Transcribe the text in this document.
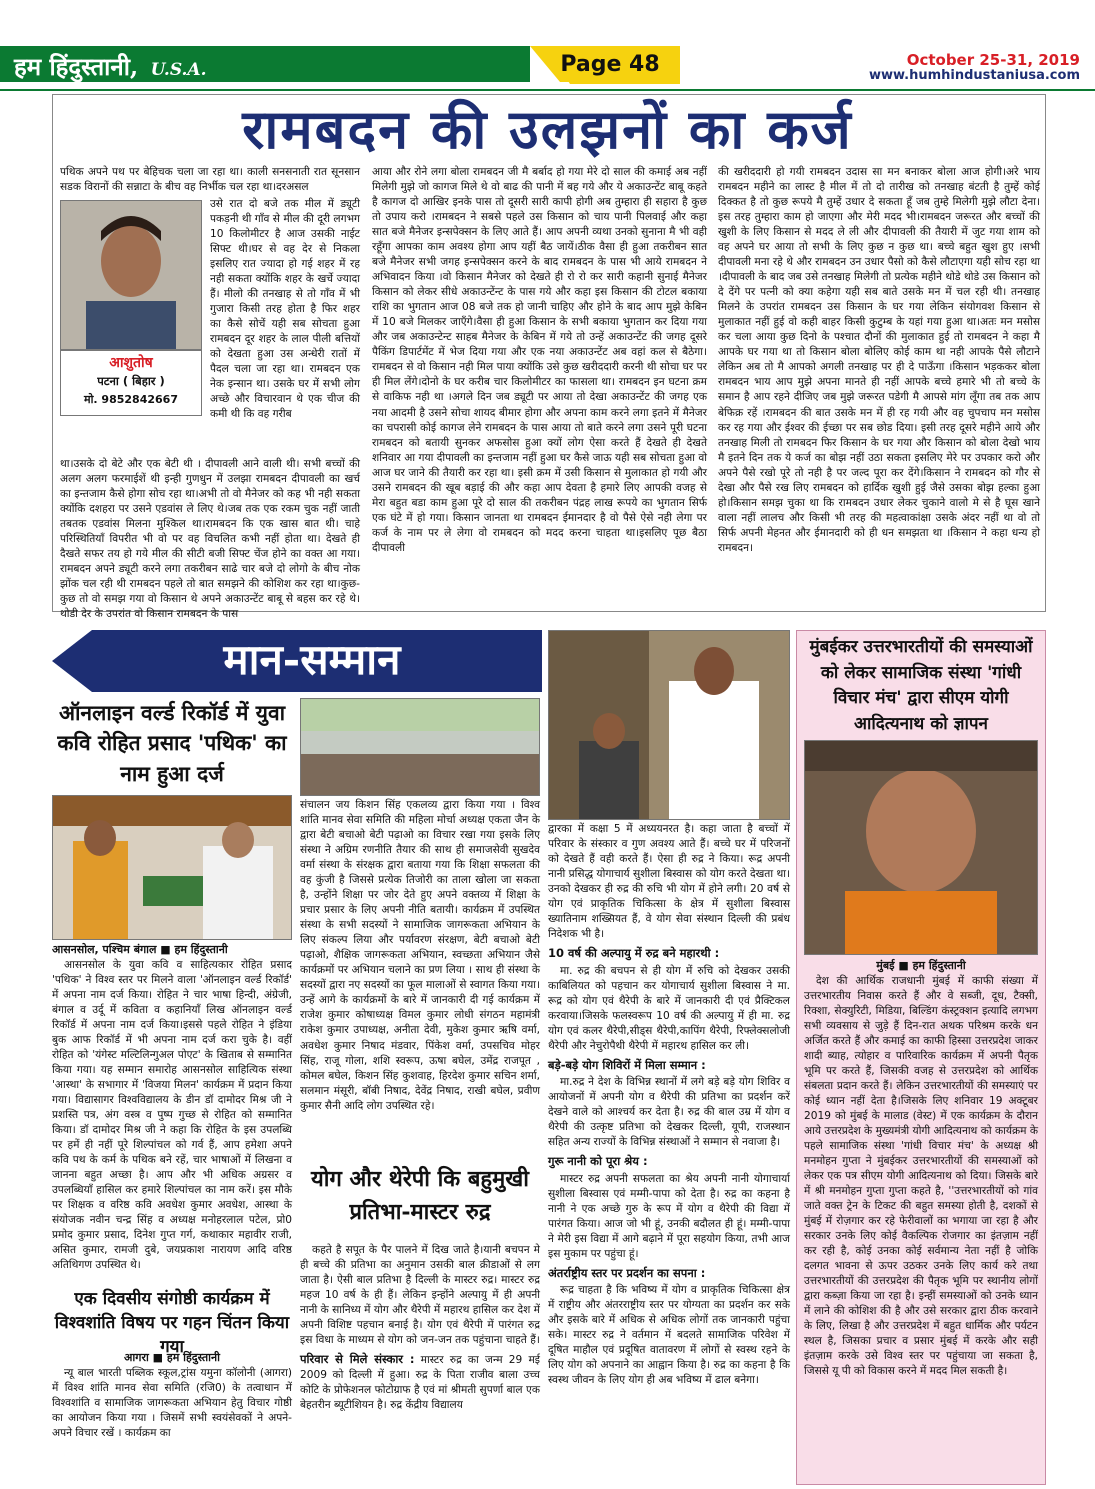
हम हिंदुस्तानी, U.S.A.	Page 48	October 25-31, 2019
www.humhindustaniusa.com
रामबदन की उलझनों का कर्ज
पथिक अपने पथ पर बेहिचक चला जा रहा था। काली सनसनाती रात सूनसान सडक विरानों की सन्नाटा के बीच वह निर्भीक चल रहा था।दरअसल
आशुतोष
पटना ( बिहार )
मो. 9852842667
उसे रात दो बजे तक मील में ड्यूटी पकड़नी थी गाँव से मील की दूरी लगभग 10 किलोमीटर है आज उसकी नाईट सिफ्ट थी।घर से वह देर से निकला इसलिए रात ज्यादा हो गई शहर में रह नही सकता क्योंकि शहर के खर्चे ज्यादा हैं। मीलो की तनखाह से तो गाँव में भी गुजारा किसी तरह होता है फिर शहर का कैसे सोचें यही सब सोचता हुआ रामबदन दूर शहर के लाल पीली बत्तियों को देखता हुआ उस अन्धेरी रातों में पैदल चला जा रहा था। रामबदन एक नेक इन्सान था। उसके घर में सभी लोग अच्छे और विचारवान थे एक चीज की कमी थी कि वह गरीब
था।उसके दो बेटे और एक बेटी थी । दीपावली आने वाली थी। सभी बच्चों की अलग अलग फरमाईशें थी इन्ही गुणधुन में उलझा रामबदन दीपावली का खर्च का इन्तजाम कैसे होगा सोच रहा था।अभी तो वो मैनेजर को कह भी नही सकता क्योंकि दशहरा पर उसने एडवांस ले लिए थे।जब तक एक रकम चुक नहीं जाती तबतक एडवांस मिलना मुश्किल था।रामबदन कि एक खास बात थी। चाहे परिस्थितियाँ विपरीत भी वो पर वह विचलित कभी नहीं होता था। देखते ही दैखते सफर तय हो गये मील की सीटी बजी सिफ्ट चेंज होने का वक्त आ गया। रामबदन अपने ड्यूटी करने लगा तकरीबन साढे चार बजे दो लोगो के बीच नोक झोंक चल रही थी रामबदन पहले तो बात समझने की कोशिश कर रहा था।कुछ-कुछ तो वो समझ गया वो किसान थे अपने अकाउन्टेंट बाबू से बहस कर रहे थे।थोडी देर के उपरांत वो किसान रामबदन के पास
आया और रोने लगा बोला रामबदन जी मै बर्बाद हो गया मेरे दो साल की कमाई अब नहीं मिलेगी मुझे जो कागज मिले थे वो बाढ की पानी में बह गये और ये अकाउन्टेंट बाबू कहते है कागज दो आखिर इनके पास तो दूसरी सारी कापी होगी अब तुम्हारा ही सहारा है कुछ तो उपाय करो ।रामबदन ने सबसे पहले उस किसान को चाय पानी पिलवाई और कहा सात बजे मैनेजर इन्सपेक्सन के लिए आते हैं। आप अपनी व्यथा उनको सुनाना मै भी वही रहूँगा आपका काम अवश्य होगा आप यहीं बैठ जायें।ठीक वैसा ही हुआ तकरीबन सात बजे मैनेजर सभी जगह इन्सपेक्सन करने के बाद रामबदन के पास भी आये रामबदन ने अभिवादन किया ।वो किसान मैनेजर को देखते ही रो रो कर सारी कहानी सुनाई मैनेजर किसान को लेकर सीधे अकाउन्टेंन्ट के पास गये और कहा इस किसान की टोटल बकाया राशि का भुगतान आज 08 बजे तक हो जानी चाहिए और होने के बाद आप मुझे केबिन में 10 बजे मिलकर जाएँगे।वैसा ही हुआ किसान के सभी बकाया भुगतान कर दिया गया और जब अकाउन्टेन्ट साहब मैनेजर के केबिन में गये तो उन्हें अकाउन्टेंट की जगह दूसरे पैकिंग डिपार्टमेंट में भेज दिया गया और एक नया अकाउन्टेंट अब वहां कल से बैठेगा। रामबदन से वो किसान नही मिल पाया क्योंकि उसे कुछ खरीददारी करनी थी सोचा घर पर ही मिल लेंगे।दोनो के घर करीब चार किलोमीटर का फासला था। रामबदन इन घटना क्रम से वाकिफ नही था ।अगले दिन जब ड्यूटी पर आया तो देखा अकाउन्टेंट की जगह एक नया आदमी है उसने सोचा शायद बीमार होगा और अपना काम करने लगा इतने में मैनेजर का चपरासी कोई कागज लेने रामबदन के पास आया तो बाते करने लगा उसने पूरी घटना रामबदन को बतायी सुनकर अफसोस हुआ क्यों लोग ऐसा करते हैं देखते ही देखते शनिवार आ गया दीपावली का इन्तजाम नहीं हुआ घर कैसे जाऊ यही सब सोचता हुआ वो आज घर जाने की तैयारी कर रहा था। इसी क्रम में उसी किसान से मुलाकात हो गयी और उसने रामबदन की खूब बड़ाई की और कहा आप देवता है हमारे लिए आपकी वजह से मेरा बहुत बडा काम हुआ पूरे दो साल की तकरीबन पंद्रह लाख रूपये का भुगतान सिर्फ एक घंटे में हो गया। किसान जानता था रामबदन ईमानदार है वो पैसे ऐसे नही लेगा पर कर्ज के नाम पर ले लेगा वो रामबदन को मदद करना चाहता था।इसलिए पूछ बैठा दीपावली
की खरीददारी हो गयी रामबदन उदास सा मन बनाकर बोला आज होगी।अरे भाय रामबदन महीने का लास्ट है मील में तो दो तारीख को तनखाह बंटती है तुम्हें कोई दिक्कत है तो कुछ रूपये मै तुम्हें उधार दे सकता हूँ जब तुम्हे मिलेगी मुझे लौटा देना। इस तरह तुम्हारा काम हो जाएगा और मेरी मदद भी।रामबदन जरूरत और बच्चों की खुशी के लिए किसान से मदद ले ली और दीपावली की तैयारी में जुट गया शाम को वह अपने घर आया तो सभी के लिए कुछ न कुछ था। बच्चे बहुत खुश हुए ।सभी दीपावली मना रहे थे और रामबदन उन उधार पैसो को कैसे लौटाएगा यही सोच रहा था ।दीपावली के बाद जब उसे तनखाह मिलेगी तो प्रत्येक महीने थोडे थोडे उस किसान को दे देंगे पर पत्नी को क्या कहेगा यही सब बाते उसके मन में चल रही थी। तनखाह मिलने के उपरांत रामबदन उस किसान के घर गया लेकिन संयोगवश किसान से मुलाकात नहीं हुई वो कही बाहर किसी कुटुम्ब के यहां गया हुआ था।अतः मन मसोस कर चला आया कुछ दिनो के पश्चात दौनों की मुलाकात हुई तो रामबदन ने कहा मै आपके घर गया था तो किसान बोला बोलिए कोई काम था नही आपके पैसे लौटाने लेकिन अब तो मै आपको अगली तनखाह पर ही दे पाऊँगा ।किसान भड़ककर बोला रामबदन भाय आप मुझे अपना मानते ही नहीं आपके बच्चे हमारे भी तो बच्चे के समान है आप रहने दीजिए जब मुझे जरूरत पडेगी मै आपसे मांग लूँगा तब तक आप बेफिक्र रहें ।रामबदन की बात उसके मन में ही रह गयी और वह चुपचाप मन मसोस कर रह गया और ईश्वर की ईच्छा पर सब छोड दिया। इसी तरह दूसरे महीने आये और तनखाह मिली तो रामबदन फिर किसान के घर गया और किसान को बोला देखो भाय मै इतने दिन तक ये कर्ज का बोझ नहीं उठा सकता इसलिए मेरे पर उपकार करो और अपने पैसे रखो पूरे तो नही है पर जल्द पूरा कर देंगे।किसान ने रामबदन को गौर से देखा और पैसे रख लिए रामबदन को हार्दिक खुशी हुई जैसे उसका बोझ हल्का हुआ हो।किसान समझ चुका था कि रामबदन उधार लेकर चुकाने वालो मे से है घूस खाने वाला नहीं लालच और किसी भी तरह की महत्वाकांक्षा उसके अंदर नहीं था वो तो सिर्फ अपनी मेहनत और ईमानदारी को ही धन समझता था ।किसान ने कहा धन्य हो रामबदन।
मान-सम्मान
ऑनलाइन वर्ल्ड रिकॉर्ड में युवा कवि रोहित प्रसाद 'पथिक' का नाम हुआ दर्ज
आसनसोल, पश्चिम बंगाल ■ हम हिंदुस्तानी

आसनसोल के युवा कवि व साहित्यकार रोहित प्रसाद 'पथिक' ने विश्व स्तर पर मिलने वाला 'ऑनलाइन वर्ल्ड रिकॉर्ड' में अपना नाम दर्ज किया। रोहित ने चार भाषा हिन्दी, अंग्रेजी, बंगाल व उर्दू में कविता व कहानियाँ लिख ऑनलाइन वर्ल्ड रिकॉर्ड में अपना नाम दर्ज किया।इससे पहले रोहित ने इंडिया बुक आफ रिकॉर्ड में भी अपना नाम दर्ज करा चुके है। वहीं रोहित को 'यंगेस्ट मल्टिलिन्गुअल पोएट' के खिताब से सम्मानित किया गया। यह सम्मान समारोह आसनसोल साहित्यिक संस्था 'आस्था' के सभागार में 'विजया मिलन' कार्यक्रम में प्रदान किया गया। विद्यासागर विश्वविद्यालय के डीन डॉ दामोदर मिश्र जी ने प्रशस्ति पत्र, अंग वस्त्र व पुष्प गुच्छ से रोहित को सम्मानित किया। डॉ दामोदर मिश्र जी ने कहा कि रोहित के इस उपलब्धि पर हमें ही नहीं पूरे शिल्पांचल को गर्व हैं, आप हमेशा अपने कवि पथ के कर्म के पथिक बने रहें, चार भाषाओं में लिखना व जानना बहुत अच्छा है। आप और भी अधिक अग्रसर व उपलब्धियाँ हासिल कर हमारे शिल्पांचल का नाम करें। इस मौके पर शिक्षक व वरिष्ठ कवि अवधेश कुमार अवधेश, आस्था के संयोजक नवीन चन्द्र सिंह व अध्यक्ष मनोहरलाल पटेल, प्रो0 प्रमोद कुमार प्रसाद, दिनेश गुप्त गर्ग, कथाकार महावीर राजी, असित कुमार, रामजी दुबे, जयप्रकाश नारायण आदि वरिष्ठ अतिथिगण उपस्थित थे।

संचालन जय किशन सिंह एकलव्य द्वारा किया गया । विश्व शांति मानव सेवा समिति की महिला मोर्चा अध्यक्ष एकता जैन के द्वारा बेटी बचाओ बेटी पढ़ाओ का विचार रखा गया इसके लिए संस्था ने अग्रिम रणनीति तैयार की साथ ही समाजसेवी सुखदेव वर्मा संस्था के संरक्षक द्वारा बताया गया कि शिक्षा सफलता की वह कुंजी है जिससे प्रत्येक तिजोरी का ताला खोला जा सकता है, उन्होंने शिक्षा पर जोर देते हुए अपने वक्तव्य में शिक्षा के प्रचार प्रसार के लिए अपनी नीति बतायी। कार्यक्रम में उपस्थित संस्था के सभी सदस्यों ने सामाजिक जागरूकता अभियान के लिए संकल्प लिया और पर्यावरण संरक्षण, बेटी बचाओ बेटी पढ़ाओ, शैक्षिक जागरूकता अभियान, स्वच्छता अभियान जैसे कार्यक्रमों पर अभियान चलाने का प्रण लिया । साथ ही संस्था के सदस्यों द्वारा नए सदस्यों का फूल मालाओं से स्वागत किया गया। उन्हें आगे के कार्यक्रमों के बारे में जानकारी दी गई कार्यक्रम में राजेश कुमार कोषाध्यक्ष विमल कुमार लोधी संगठन महामंत्री राकेश कुमार उपाध्यक्ष, अनीता देवी, मुकेश कुमार ऋषि वर्मा, अवधेश कुमार निषाद मंडवार, पिंकेश वर्मा, उपसचिव मोहर सिंह, राजू गोला, शशि स्वरूप, ऊषा बघेल, उमेंद्र राजपूत , कोमल बघेल, किशन सिंह कुशवाह, हिरदेश कुमार सचिन शर्मा, सलमान मंसूरी, बॉबी निषाद, देवेंद्र निषाद, राखी बघेल, प्रवीण कुमार सैनी आदि लोग उपस्थित रहे।
एक दिवसीय संगोष्ठी कार्यक्रम में विश्वशांति विषय पर गहन चिंतन किया गया
आगरा ■ हम हिंदुस्तानी

न्यू बाल भारती पब्लिक स्कूल,ट्रांस यमुना कॉलोनी (आगरा) में विश्व शांति मानव सेवा समिति (रजि0) के तत्वाधान में विश्वशांति व सामाजिक जागरूकता अभियान हेतु विचार गोष्ठी का आयोजन किया गया । जिसमें सभी स्वयंसेवकों ने अपने-अपने विचार रखें । कार्यक्रम का

योग और थेरेपी कि बहुमुखी प्रतिभा-मास्टर रुद्र

कहते है सपूत के पैर पालने में दिख जाते है।यानी बचपन मे ही बच्चे की प्रतिभा का अनुमान उसकी बाल क्रीडाओं से लग जाता है। ऐसी बाल प्रतिभा है दिल्ली के मास्टर रुद्र। मास्टर रुद्र महज 10 वर्ष के ही हैं। लेकिन इन्होंने अल्पायु में ही अपनी नानी के सानिध्य में योग और थैरेपी में महारथ हासिल कर देश में अपनी विशिष्ट पहचान बनाई है। योग एवं थैरेपी में पारंगत रुद्र इस विधा के माध्यम से योग को जन-जन तक पहुंचाना चाहते हैं।

परिवार से मिले संस्कार : मास्टर रुद्र का जन्म 29 मई 2009 को दिल्ली में हुआ। रुद्र के पिता राजीव बाला उच्च कोटि के प्रोफेशनल फोटोग्राफ है एवं मां श्रीमती सुपर्णा बाल एक बेहतरीन ब्यूटीशियन है। रुद्र केंद्रीय विद्यालय

द्वारका में कक्षा 5 में अध्ययनरत है। कहा जाता है बच्चों में परिवार के संस्कार व गुण अवश्य आते हैं। बच्चे घर में परिजनों को देखते हैं वही करते हैं। ऐसा ही रुद्र ने किया। रूद्र अपनी नानी प्रसिद्ध योगाचार्य सुशीला बिस्वास को योग करते देखता था। उनको देखकर ही रुद्र की रुचि भी योग में होने लगी। 20 वर्ष से योग एवं प्राकृतिक चिकित्सा के क्षेत्र में सुशीला बिस्वास ख्यातिनाम शख्सियत हैं, वे योग सेवा संस्थान दिल्ली की प्रबंध निदेशक भी है।

10 वर्ष की अल्पायु में रुद्र बने महारथी :

मा. रुद्र की बचपन से ही योग में रुचि को देखकर उसकी काबिलियत को पहचान कर योगाचार्य सुशीला बिस्वास ने मा. रूद्र को योग एवं थैरेपी के बारे में जानकारी दी एवं प्रैक्टिकल करवाया।जिसके फलस्वरूप 10 वर्ष की अल्पायु में ही मा. रुद्र योग एवं कलर थैरेपी,सीड्स थैरेपी,कापिंग थैरेपी, रिफ्लेक्सलोजी थैरेपी और नेचुरोपैथी थैरेपी में महारथ हासिल कर ली।

बड़े-बड़े योग शिविरों में मिला सम्मान :

मा.रुद्र ने देश के विभिन्न स्थानों में लगे बड़े बड़े योग शिविर व आयोजनों में अपनी योग व थैरेपी की प्रतिभा का प्रदर्शन करें देखने वाले को आश्चर्य कर देता है। रुद्र की बाल उम्र में योग व थैरेपी की उत्कृष्ट प्रतिभा को देखकर दिल्ली, यूपी, राजस्थान सहित अन्य राज्यों के विभिन्न संस्थाओं ने सम्मान से नवाजा है।

गुरू नानी को पूरा श्रेय :

मास्टर रुद्र अपनी सफलता का श्रेय अपनी नानी योगाचार्या सुशीला बिस्वास एवं मम्मी-पापा को देता है। रुद्र का कहना है नानी ने एक अच्छे गुरु के रूप में योग व थैरेपी की विद्या में पारंगत किया। आज जो भी हूं, उनकी बदौलत ही हूं। मम्मी-पापा ने मेरी इस विद्या में आगे बढ़ाने में पूरा सहयोग किया, तभी आज इस मुकाम पर पहुंचा हूं।

अंतर्राष्ट्रीय स्तर पर प्रदर्शन का सपना :

रूद्र चाहता है कि भविष्य में योग व प्राकृतिक चिकित्सा क्षेत्र में राष्ट्रीय और अंतरराष्ट्रीय स्तर पर योग्यता का प्रदर्शन कर सके और इसके बारे में अधिक से अधिक लोगों तक जानकारी पहुंचा सके। मास्टर रुद्र ने वर्तमान में बदलते सामाजिक परिवेश में दूषित माहौल एवं प्रदूषित वातावरण में लोगों से स्वस्थ रहने के लिए योग को अपनाने का आह्वान किया है। रुद्र का कहना है कि स्वस्थ जीवन के लिए योग ही अब भविष्य में ढाल बनेगा।

मुंबईकर उत्तरभारतीयों की समस्याओं को लेकर सामाजिक संस्था 'गांधी विचार मंच' द्वारा सीएम योगी आदित्यनाथ को ज्ञापन
मुंबई ■ हम हिंदुस्तानी

देश की आर्थिक राजधानी मुंबई में काफी संख्या में उत्तरभारतीय निवास करते हैं और वे सब्जी, दूध, टैक्सी, रिक्शा, सेक्युरिटी, मिडिया, बिल्डिंग कंस्ट्रक्शन इत्यादि लगभग सभी व्यवसाय से जुड़े हैं दिन-रात अथक परिश्रम करके धन अर्जित करते हैं और कमाई का काफी हिस्सा उत्तरप्रदेश जाकर शादी ब्याह, त्योहार व पारिवारिक कार्यक्रम में अपनी पैतृक भूमि पर करते हैं, जिसकी वजह से उत्तरप्रदेश को आर्थिक संबलता प्रदान करते हैं। लेकिन उत्तरभारतीयों की समस्याएं पर कोई ध्यान नहीं देता है।जिसके लिए शनिवार 19 अक्टूबर 2019 को मुंबई के मालाड (वेस्ट) में एक कार्यक्रम के दौरान आये उत्तरप्रदेश के मुख्यमंत्री योगी आदित्यनाथ को कार्यक्रम के पहले सामाजिक संस्था 'गांधी विचार मंच' के अध्यक्ष श्री मनमोहन गुप्ता ने मुंबईकर उत्तरभारतीयों की समस्याओं को लेकर एक पत्र सीएम योगी आदित्यनाथ को दिया। जिसके बारे में श्री मनमोहन गुप्ता गुप्ता कहते है, ''उत्तरभारतीयों को गांव जाते वक्त ट्रेन के टिकट की बहुत समस्या होती है, दशकों से मुंबई में रोज़गार कर रहे फेरीवालों का भगाया जा रहा है और सरकार उनके लिए कोई वैकल्पिक रोजगार का इंतज़ाम नहीं कर रही है, कोई उनका कोई सर्वमान्य नेता नहीं है जोकि दलगत भावना से ऊपर उठकर उनके लिए कार्य करे तथा उत्तरभारतीयों की उत्तरप्रदेश की पैतृक भूमि पर स्थानीय लोगों द्वारा कब्ज़ा किया जा रहा है। इन्हीं समस्याओं को उनके ध्यान में लाने की कोशिश की है और उसे सरकार द्वारा ठीक करवाने के लिए, लिखा है और उत्तरप्रदेश में बहुत धार्मिक और पर्यटन स्थल है, जिसका प्रचार व प्रसार मुंबई में करके और सही इंतज़ाम करके उसे विश्व स्तर पर पहुंचाया जा सकता है, जिससे यू पी को विकास करने में मदद मिल सकती है।
